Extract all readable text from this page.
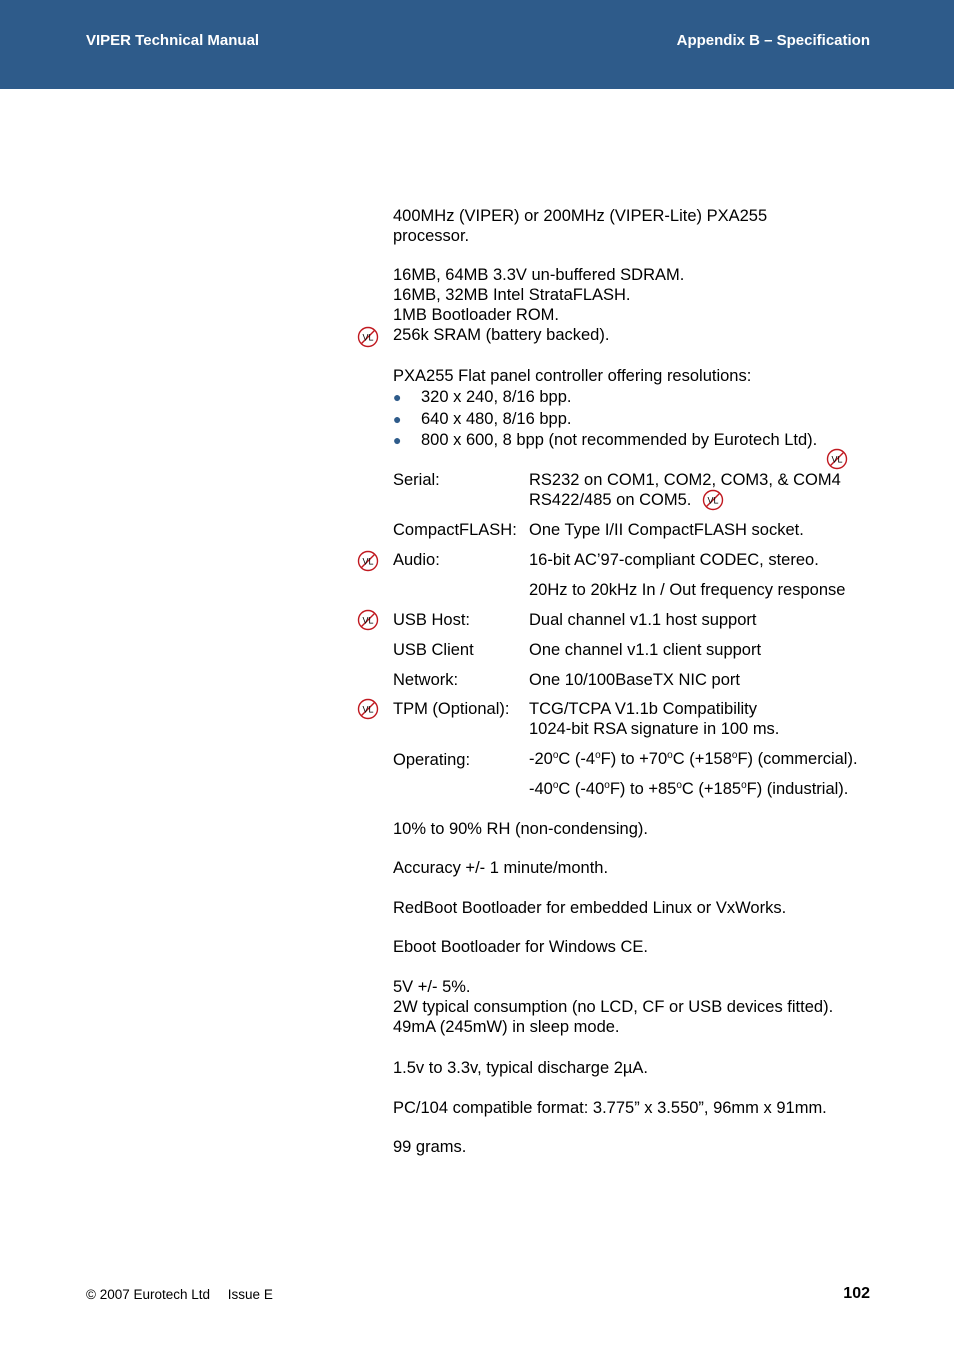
VIPER Technical Manual	Appendix B – Specification
400MHz (VIPER) or 200MHz (VIPER-Lite) PXA255
processor.
16MB, 64MB 3.3V un-buffered SDRAM.
16MB, 32MB Intel StrataFLASH.
1MB Bootloader ROM.
256k SRAM (battery backed).
PXA255 Flat panel controller offering resolutions:
● 320 x 240, 8/16 bpp.
● 640 x 480, 8/16 bpp.
● 800 x 600, 8 bpp (not recommended by Eurotech Ltd).
Serial:	RS232 on COM1, COM2, COM3, & COM4
RS422/485 on COM5.
CompactFLASH: One Type I/II CompactFLASH socket.
Audio:	16-bit AC’97-compliant CODEC, stereo.
20Hz to 20kHz In / Out frequency response
USB Host:	Dual channel v1.1 host support
USB Client	One channel v1.1 client support
Network:	One 10/100BaseTX NIC port
TPM (Optional): TCG/TCPA V1.1b Compatibility
1024-bit RSA signature in 100 ms.
Operating:	-20$^o$C (-4$^o$F) to $+70^oC$ $(+158^oF)$ (commercial).
-40$^o$C (-40$^o$F) to $+85^oC$ $(+185^oF)$ (industrial).
10% to 90% RH (non-condensing).
Accuracy +/- 1 minute/month.
RedBoot Bootloader for embedded Linux or VxWorks.
Eboot Bootloader for Windows CE.
5V +/- 5%.
2W typical consumption (no LCD, CF or USB devices fitted).
49mA (245mW) in sleep mode.
1.5v to 3.3v, typical discharge 2µA.
PC/104 compatible format: 3.775” x 3.550”, 96mm x 91mm.
99 grams.
VL
VL
VL
VL
VL
VL
© 2007 Eurotech Ltd Issue E	102
